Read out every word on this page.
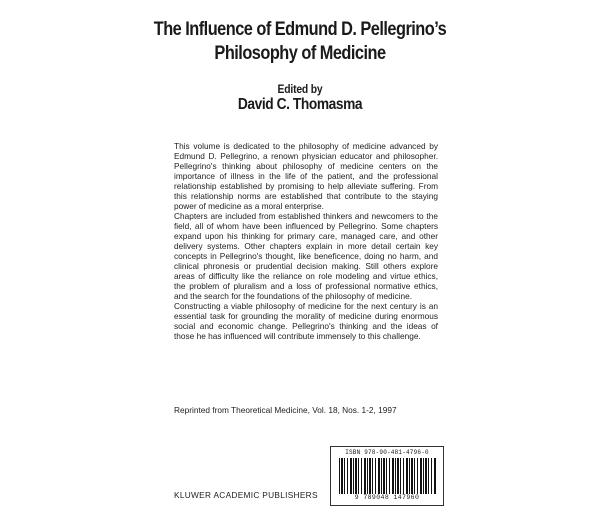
The Influence of Edmund D. Pellegrino’s
Philosophy of Medicine
Edited by
David C. Thomasma

This volume is dedicated to the philosophy of medicine advanced by Edmund D. Pellegrino, a renown physician educator and philosopher. Pellegrino's thinking about philosophy of medicine centers on the importance of illness in the life of the patient, and the professional relationship established by promising to help alleviate suffering. From this relationship norms are established that contribute to the staying power of medicine as a moral enterprise.

Chapters are included from established thinkers and newcomers to the field, all of whom have been influenced by Pellegrino. Some chapters expand upon his thinking for primary care, managed care, and other delivery systems. Other chapters explain in more detail certain key concepts in Pellegrino's thought, like beneficence, doing no harm, and clinical phronesis or prudential decision making. Still others explore areas of difficulty like the reliance on role modeling and virtue ethics, the problem of pluralism and a loss of professional normative ethics, and the search for the foundations of the philosophy of medicine.

Constructing a viable philosophy of medicine for the next century is an essential task for grounding the morality of medicine during enormous social and economic change. Pellegrino's thinking and the ideas of those he has influenced will contribute immensely to this challenge.

Reprinted from Theoretical Medicine, Vol. 18, Nos. 1-2, 1997
ISBN 978-90-481-4796-0
9 789048 147960
KLUWER ACADEMIC PUBLISHERS
